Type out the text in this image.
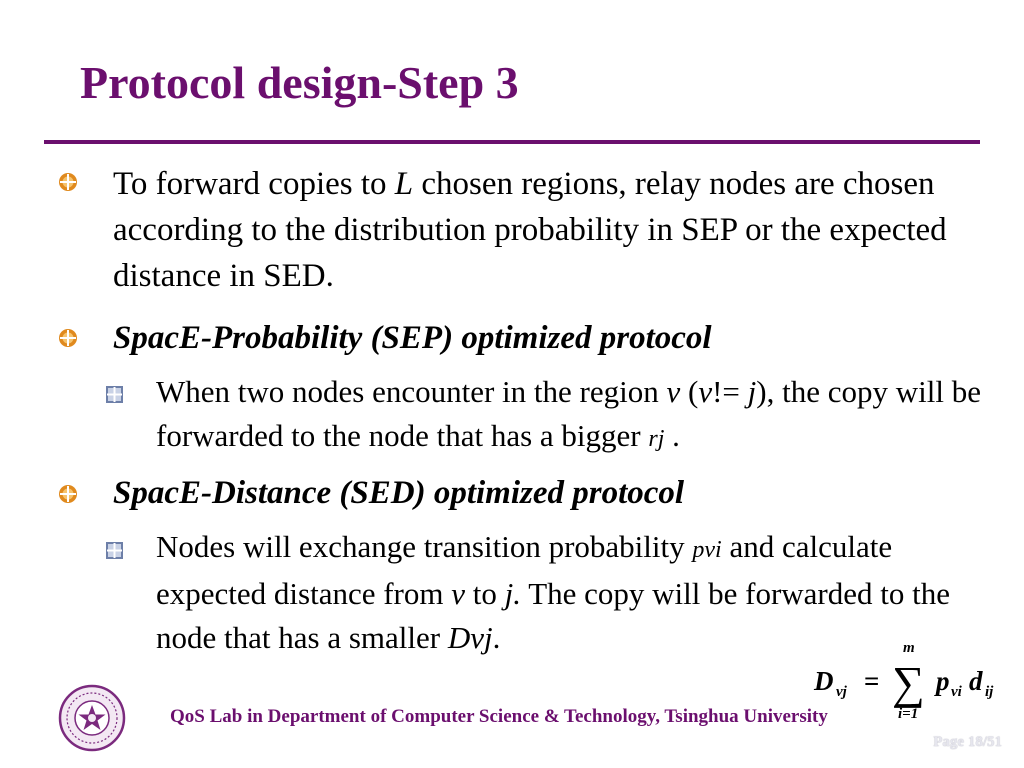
Protocol design-Step 3
To forward copies to L chosen regions, relay nodes are chosen according to the distribution probability in SEP or the expected distance in SED.
SpacE-Probability (SEP) optimized protocol
When two nodes encounter in the region v (v!= j), the copy will be forwarded to the node that has a bigger rj .
SpacE-Distance (SED) optimized protocol
Nodes will exchange transition probability pvi and calculate expected distance from v to j. The copy will be forwarded to the node that has a smaller Dvj.
D vj =
m
∑
i=1
p vi d ij
QoS Lab in Department of Computer Science & Technology, Tsinghua University
Page 18/51
